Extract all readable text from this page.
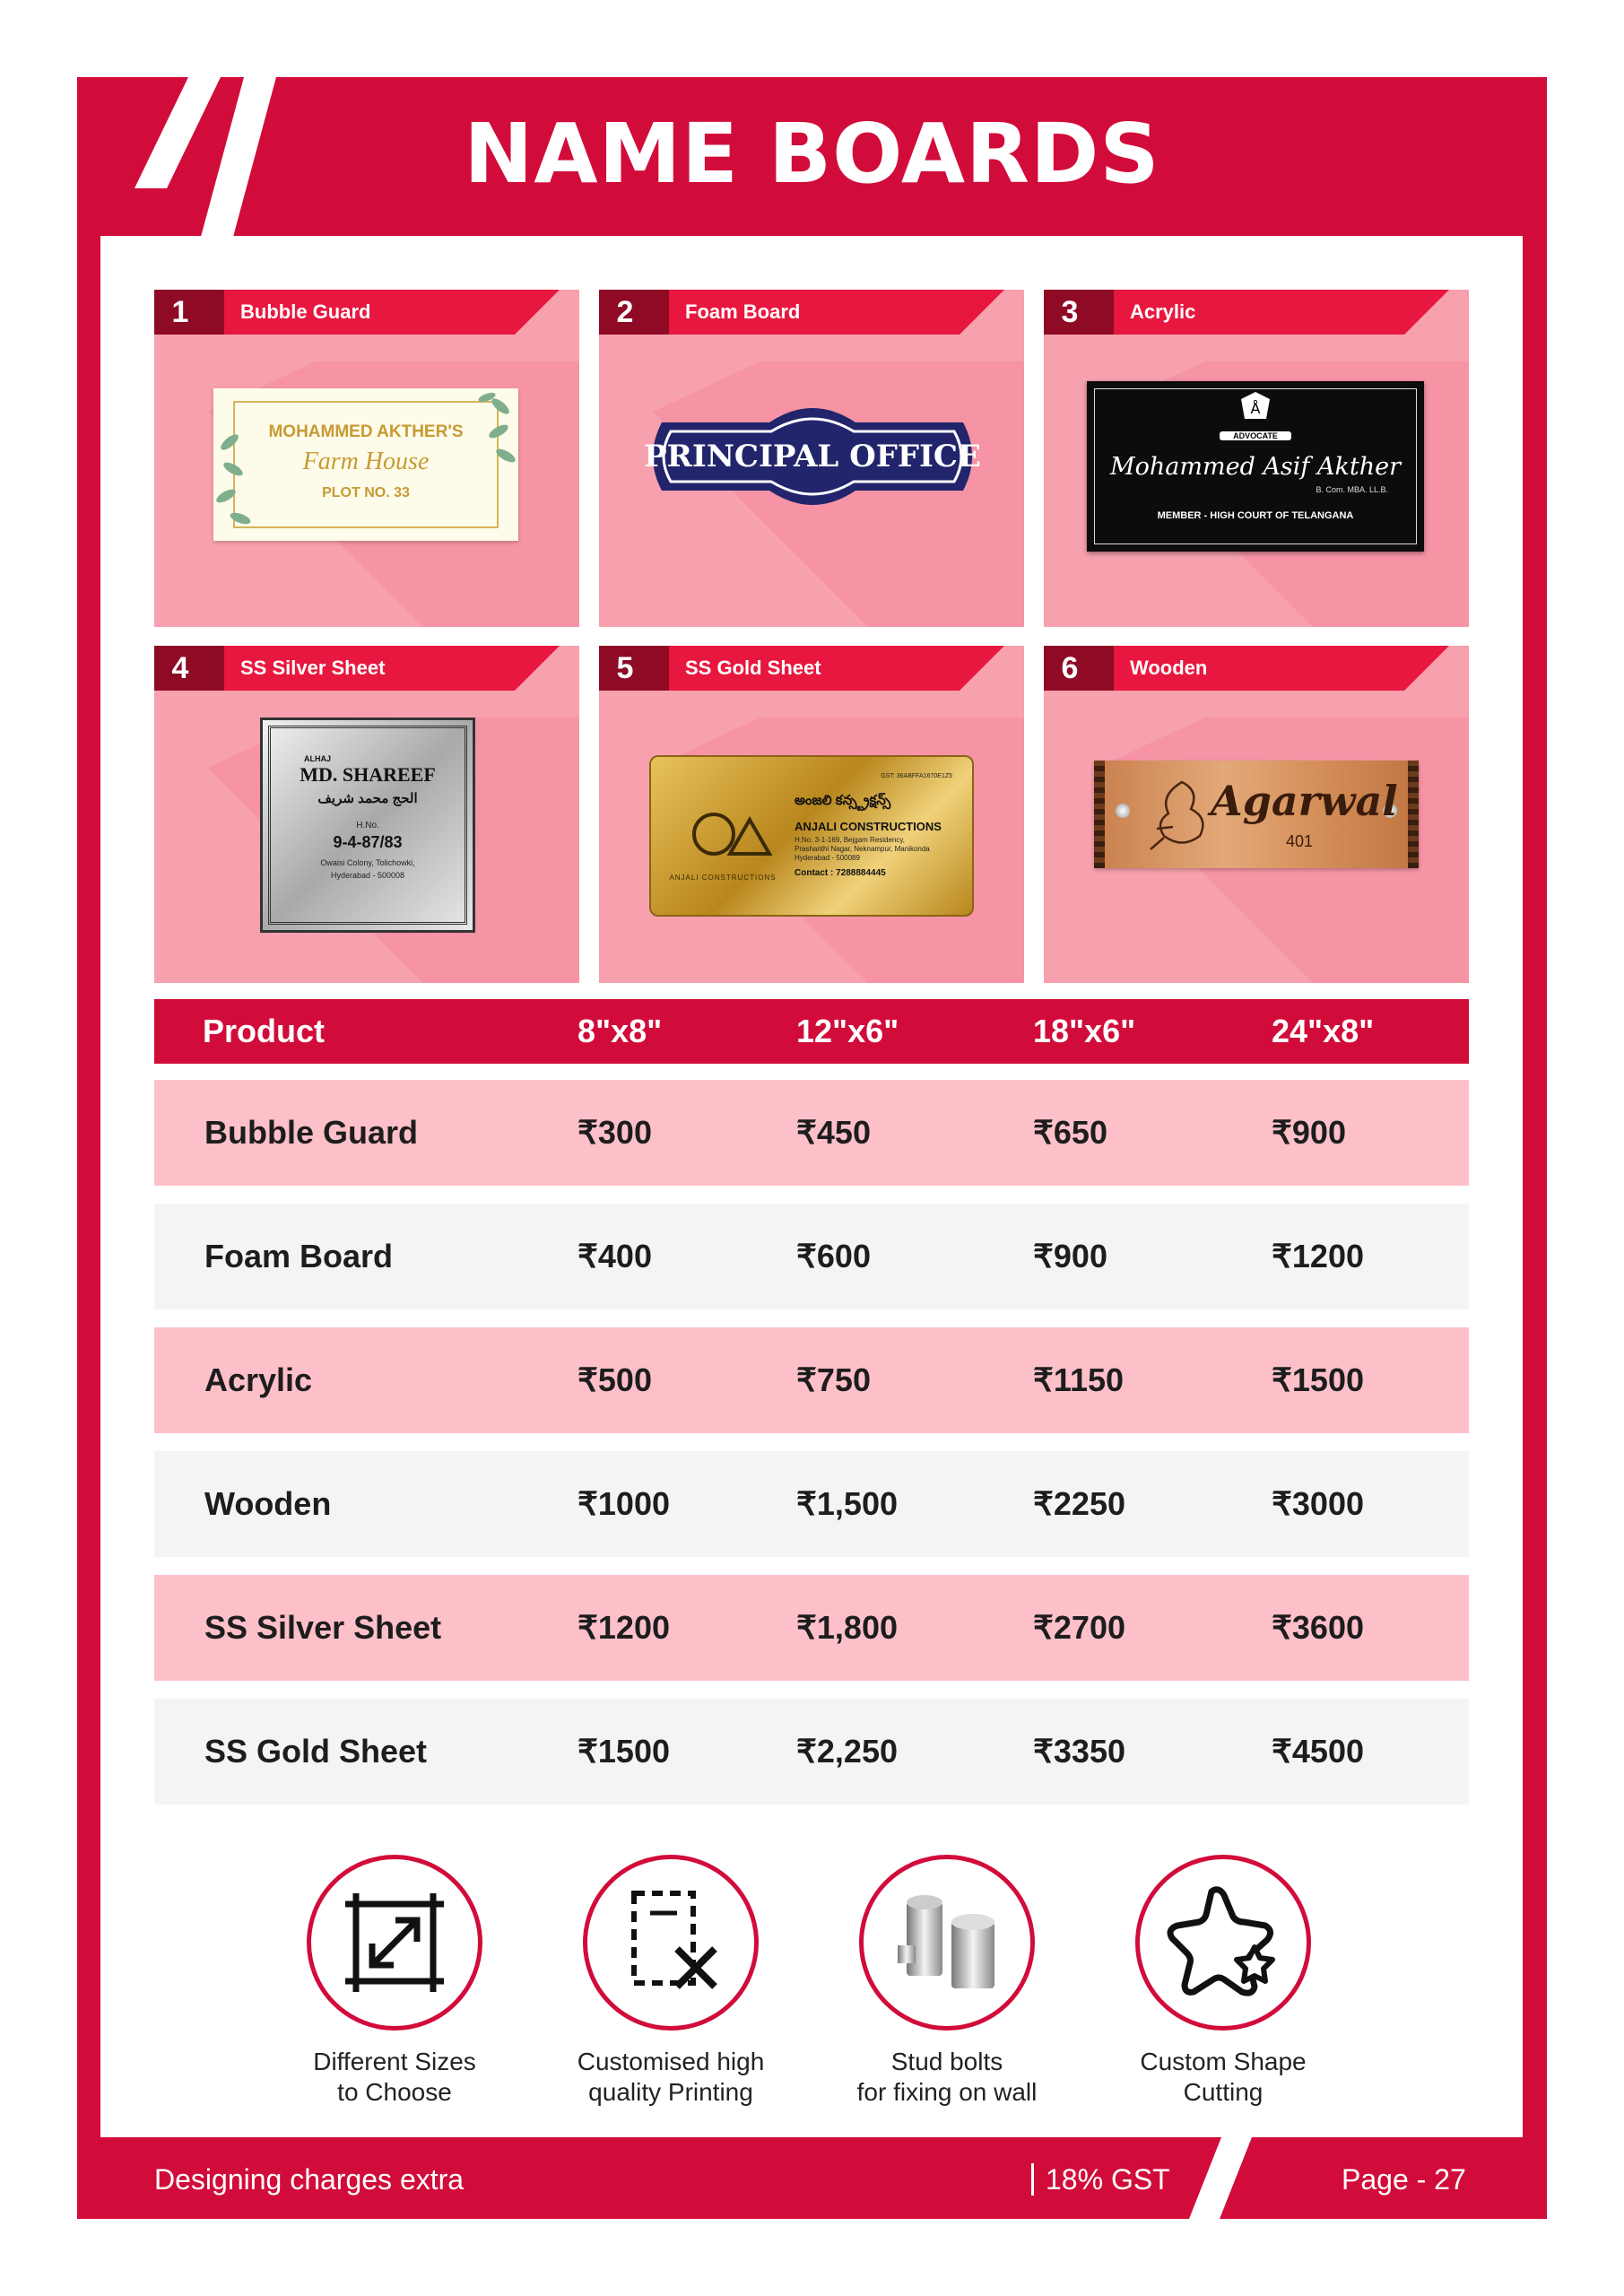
NAME BOARDS
1	Bubble Guard
MOHAMMED AKTHER'S
Farm House
PLOT NO. 33
2	Foam Board
PRINCIPAL OFFICE
3	Acrylic
Å
ADVOCATE
Mohammed Asif Akther
B. Com. MBA. LL.B.
MEMBER - HIGH COURT OF TELANGANA
4	SS Silver Sheet
ALHAJ
MD. SHAREEF
الحج محمد شريف
H.No.
9-4-87/83
Owaisi Colony, Tolichowki,
Hyderabad - 500008
5	SS Gold Sheet
GST: 36ABFFA1670E1Z5
ANJALI CONSTRUCTIONS
అంజలి కన్స్ట్రక్షన్స్
ANJALI CONSTRUCTIONS
H.No. 3-1-169, Bejgam Residency,
Prashanthi Nagar, Neknampur, Manikonda
Hyderabad - 500089
Contact : 7288884445
6	Wooden
Agarwal
401
Product	8"x8"	12"x6"	18"x6"	24"x8"
Bubble Guard	₹300	₹450	₹650	₹900
Foam Board	₹400	₹600	₹900	₹1200
Acrylic	₹500	₹750	₹1150	₹1500
Wooden	₹1000	₹1,500	₹2250	₹3000
SS Silver Sheet	₹1200	₹1,800	₹2700	₹3600
SS Gold Sheet	₹1500	₹2,250	₹3350	₹4500
Different Sizes
to Choose
Customised high
quality Printing
Stud bolts
for fixing on wall
Custom Shape
Cutting
Designing charges extra	18% GST	Page - 27
